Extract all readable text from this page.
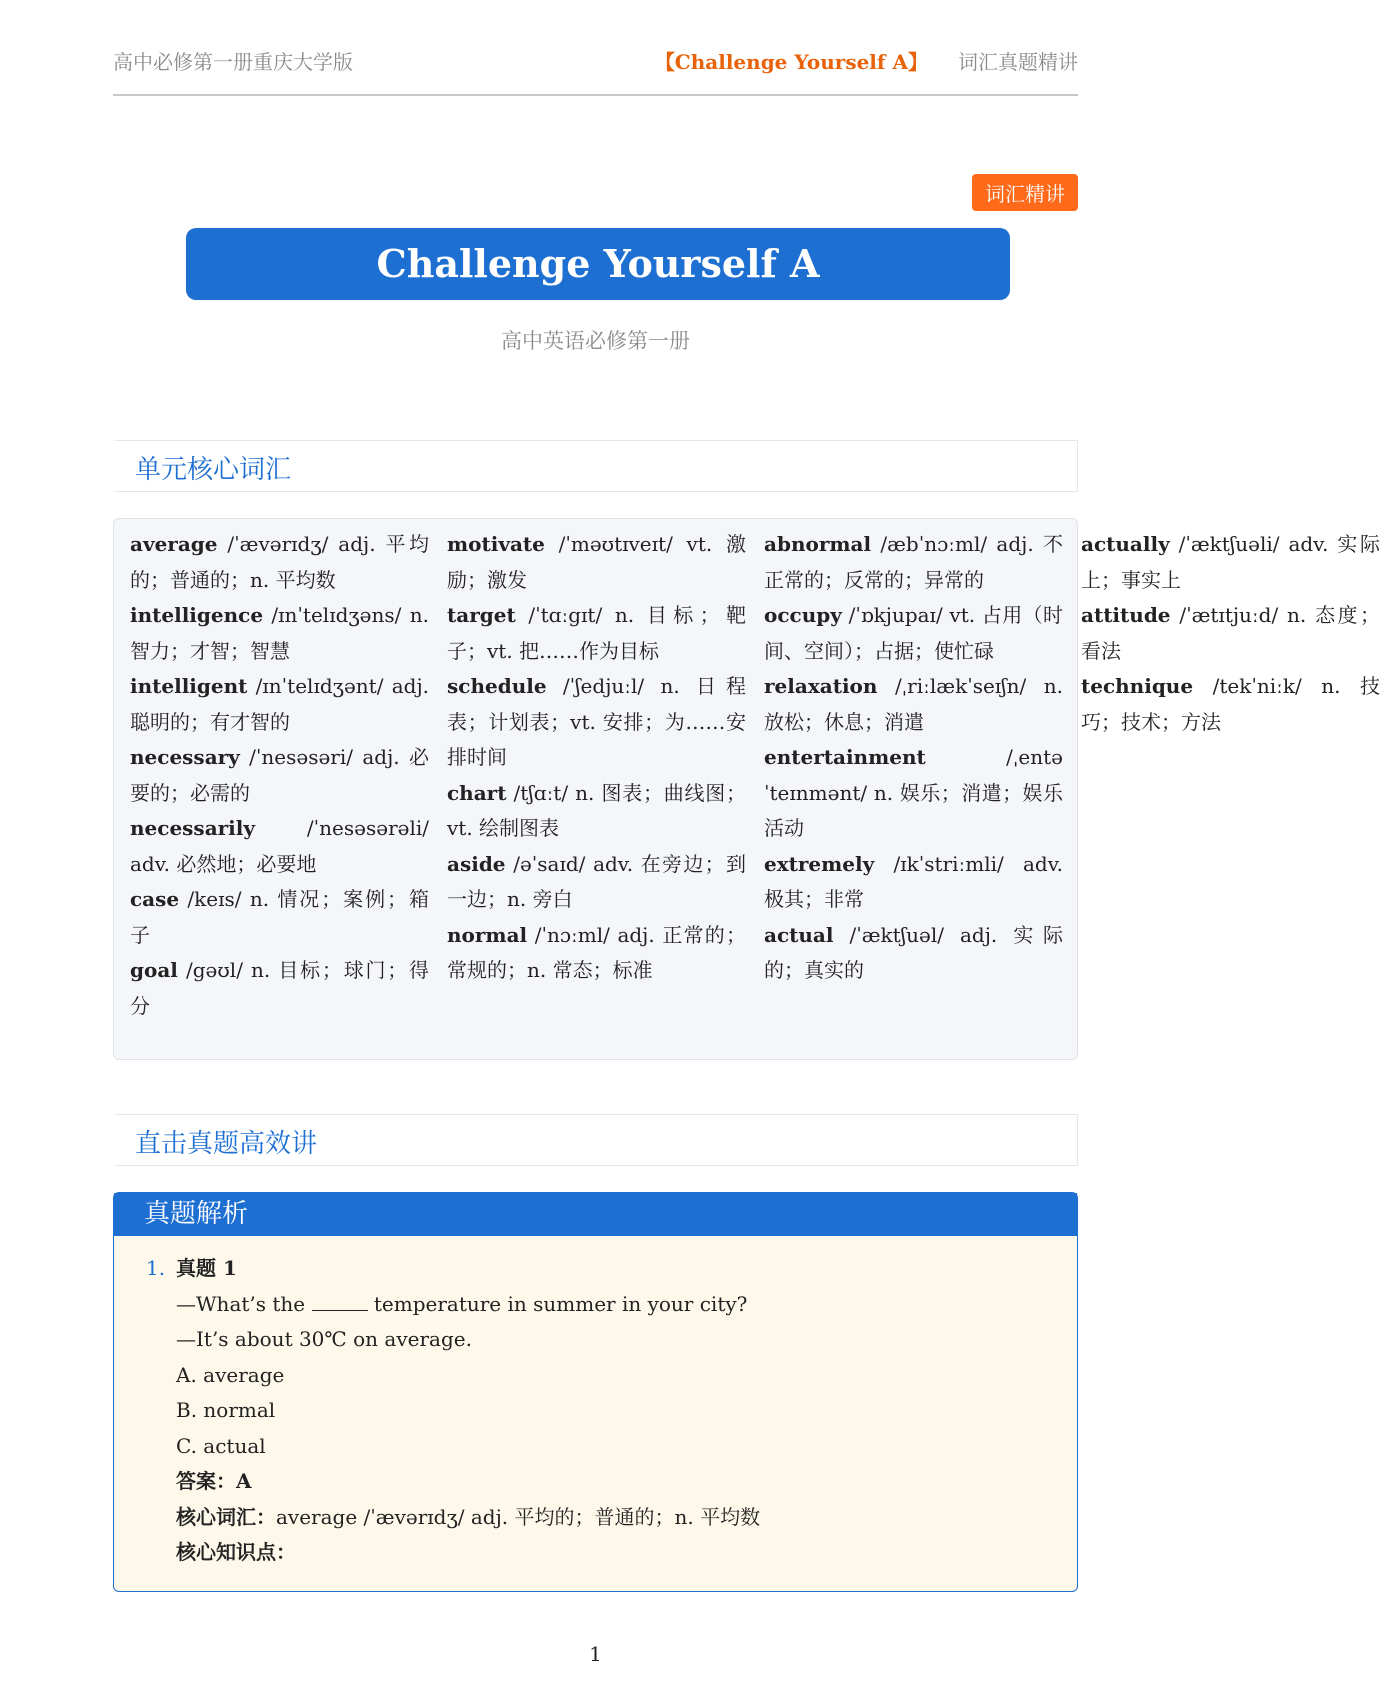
高中必修第一册重庆大学版	【Challenge Yourself A】 词汇真题精讲
词汇精讲
Challenge Yourself A
高中英语必修第一册
单元核心词汇
average /ˈævərɪdʒ/ adj. 平均的；普通的；n. 平均数
intelligence /ɪnˈtelɪdʒəns/ n. 智力；才智；智慧
intelligent /ɪnˈtelɪdʒənt/ adj. 聪明的；有才智的
necessary /ˈnesəsəri/ adj. 必要的；必需的
necessarily /ˈnesəsərəli/ adv. 必然地；必要地
case /keɪs/ n. 情况；案例；箱子
goal /gəʊl/ n. 目标；球门；得分
motivate /ˈməʊtɪveɪt/ vt. 激励；激发
target /ˈtɑːgɪt/ n. 目标；靶子；vt. 把……作为目标
schedule /ˈʃedjuːl/ n. 日程表；计划表；vt. 安排；为……安排时间
chart /tʃɑːt/ n. 图表；曲线图；vt. 绘制图表
aside /əˈsaɪd/ adv. 在旁边；到一边；n. 旁白
normal /ˈnɔːml/ adj. 正常的；常规的；n. 常态；标准
abnormal /æbˈnɔːml/ adj. 不正常的；反常的；异常的
occupy /ˈɒkjupaɪ/ vt. 占用（时间、空间）；占据；使忙碌
relaxation /ˌriːlækˈseɪʃn/ n. 放松；休息；消遣
entertainment /ˌentəˈteɪnmənt/ n. 娱乐；消遣；娱乐活动
extremely /ɪkˈstriːmli/ adv. 极其；非常
actual /ˈæktʃuəl/ adj. 实际的；真实的
actually /ˈæktʃuəli/ adv. 实际上；事实上
attitude /ˈætɪtjuːd/ n. 态度；看法
technique /tekˈniːk/ n. 技巧；技术；方法
直击真题高效讲
真题解析
1. 真题 1
—What’s the	temperature in summer in your city?
—It’s about 30℃ on average.
A. average
B. normal
C. actual
答案：A
核心词汇：average /ˈævərɪdʒ/ adj. 平均的；普通的；n. 平均数
核心知识点：
1
